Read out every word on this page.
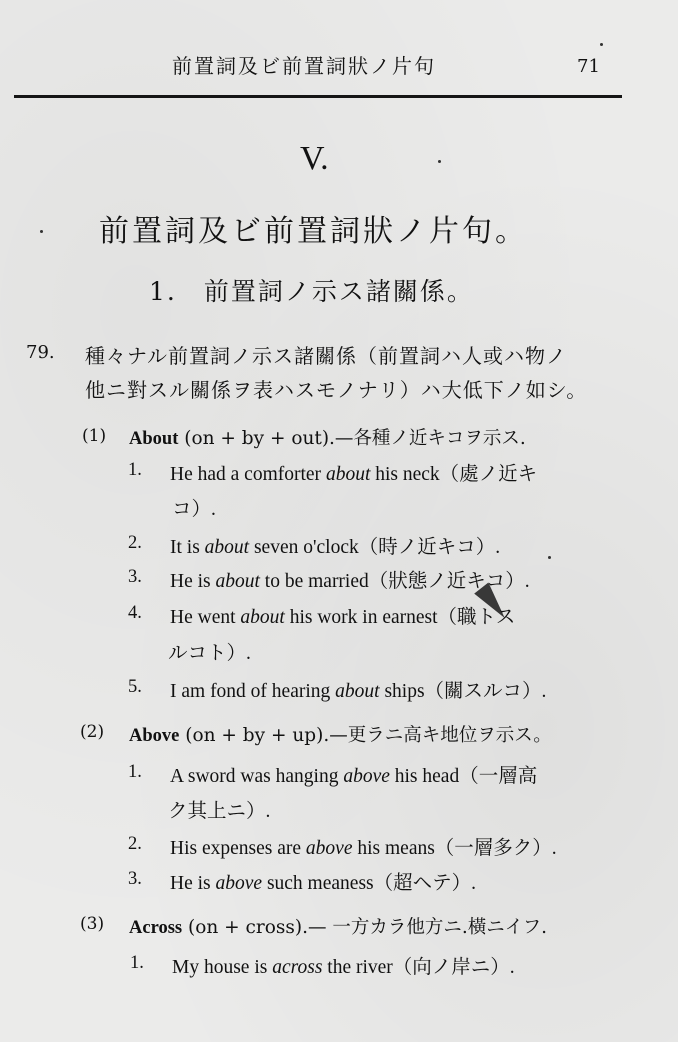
前置詞及ビ前置詞狀ノ片句	71
V.
前置詞及ビ前置詞狀ノ片句。
1.　前置詞ノ示ス諸關係。
79. 種々ナル前置詞ノ示ス諸關係（前置詞ハ人或ハ物ノ
他ニ對スル關係ヲ表ハスモノナリ）ハ大低下ノ如シ。
(1) About (on + by + out).—各種ノ近キコヲ示ス.
1. He had a comforter about his neck（處ノ近キ
コ）.
2. It is about seven o'clock（時ノ近キコ）.
3. He is about to be married（狀態ノ近キコ）.
4. He went about his work in earnest（職トス
ルコト）.
5. I am fond of hearing about ships（關スルコ）.
(2) Above (on + by + up).—更ラニ高キ地位ヲ示ス。
1. A sword was hanging above his head（一層高
ク其上ニ）.
2. His expenses are above his means（一層多ク）.
3. He is above such meaness（超ヘテ）.
(3) Across (on + cross).— 一方カラ他方ニ.橫ニイフ.
1. My house is across the river（向ノ岸ニ）.
